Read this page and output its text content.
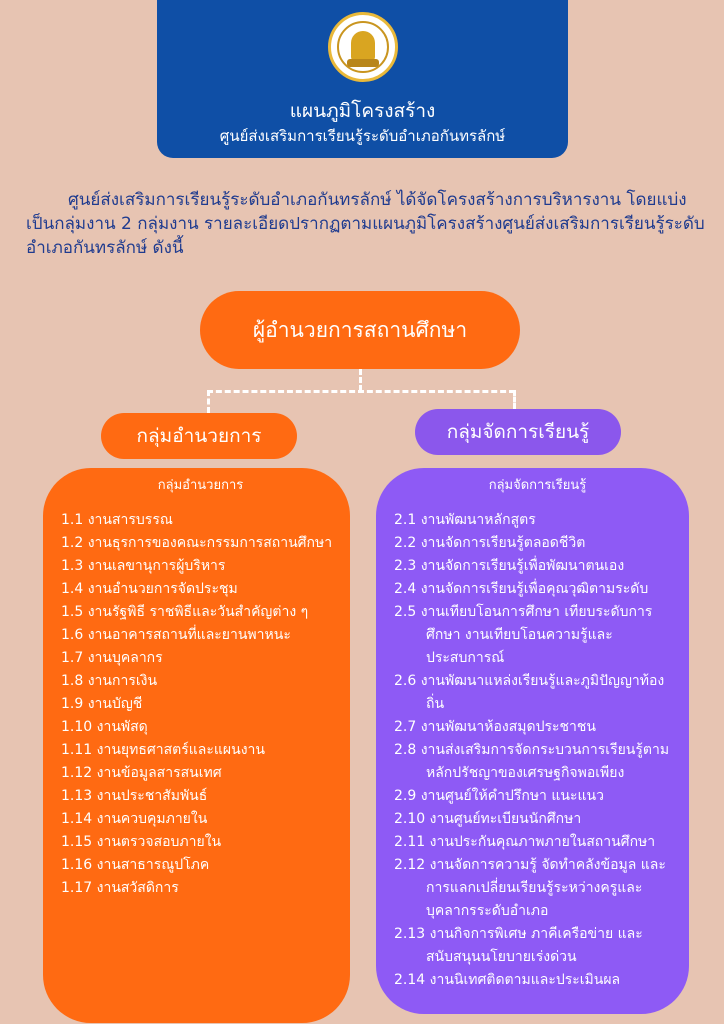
แผนภูมิโครงสร้าง
ศูนย์ส่งเสริมการเรียนรู้ระดับอำเภอกันทรลักษ์
ศูนย์ส่งเสริมการเรียนรู้ระดับอำเภอกันทรลักษ์ ได้จัดโครงสร้างการบริหารงาน โดยแบ่งเป็นกลุ่มงาน 2 กลุ่มงาน รายละเอียดปรากฏตามแผนภูมิโครงสร้างศูนย์ส่งเสริมการเรียนรู้ระดับอำเภอกันทรลักษ์ ดังนี้
ผู้อำนวยการสถานศึกษา
กลุ่มอำนวยการ	กลุ่มจัดการเรียนรู้
กลุ่มอำนวยการ
1.1 งานสารบรรณ
1.2 งานธุรการของคณะกรรมการสถานศึกษา
1.3 งานเลขานุการผู้บริหาร
1.4 งานอำนวยการจัดประชุม
1.5 งานรัฐพิธี ราชพิธีและวันสำคัญต่าง ๆ
1.6 งานอาคารสถานที่และยานพาหนะ
1.7 งานบุคลากร
1.8 งานการเงิน
1.9 งานบัญชี
1.10 งานพัสดุ
1.11 งานยุทธศาสตร์และแผนงาน
1.12 งานข้อมูลสารสนเทศ
1.13 งานประชาสัมพันธ์
1.14 งานควบคุมภายใน
1.15 งานตรวจสอบภายใน
1.16 งานสาธารณูปโภค
1.17 งานสวัสดิการ
กลุ่มจัดการเรียนรู้
2.1 งานพัฒนาหลักสูตร
2.2 งานจัดการเรียนรู้ตลอดชีวิต
2.3 งานจัดการเรียนรู้เพื่อพัฒนาตนเอง
2.4 งานจัดการเรียนรู้เพื่อคุณวุฒิตามระดับ
2.5 งานเทียบโอนการศึกษา เทียบระดับการศึกษา งานเทียบโอนความรู้และประสบการณ์
2.6 งานพัฒนาแหล่งเรียนรู้และภูมิปัญญาท้องถิ่น
2.7 งานพัฒนาห้องสมุดประชาชน
2.8 งานส่งเสริมการจัดกระบวนการเรียนรู้ตามหลักปรัชญาของเศรษฐกิจพอเพียง
2.9 งานศูนย์ให้คำปรึกษา แนะแนว
2.10 งานศูนย์ทะเบียนนักศึกษา
2.11 งานประกันคุณภาพภายในสถานศึกษา
2.12 งานจัดการความรู้ จัดทำคลังข้อมูล และการแลกเปลี่ยนเรียนรู้ระหว่างครูและบุคลากรระดับอำเภอ
2.13 งานกิจการพิเศษ ภาคีเครือข่าย และสนับสนุนนโยบายเร่งด่วน
2.14 งานนิเทศติดตามและประเมินผล
